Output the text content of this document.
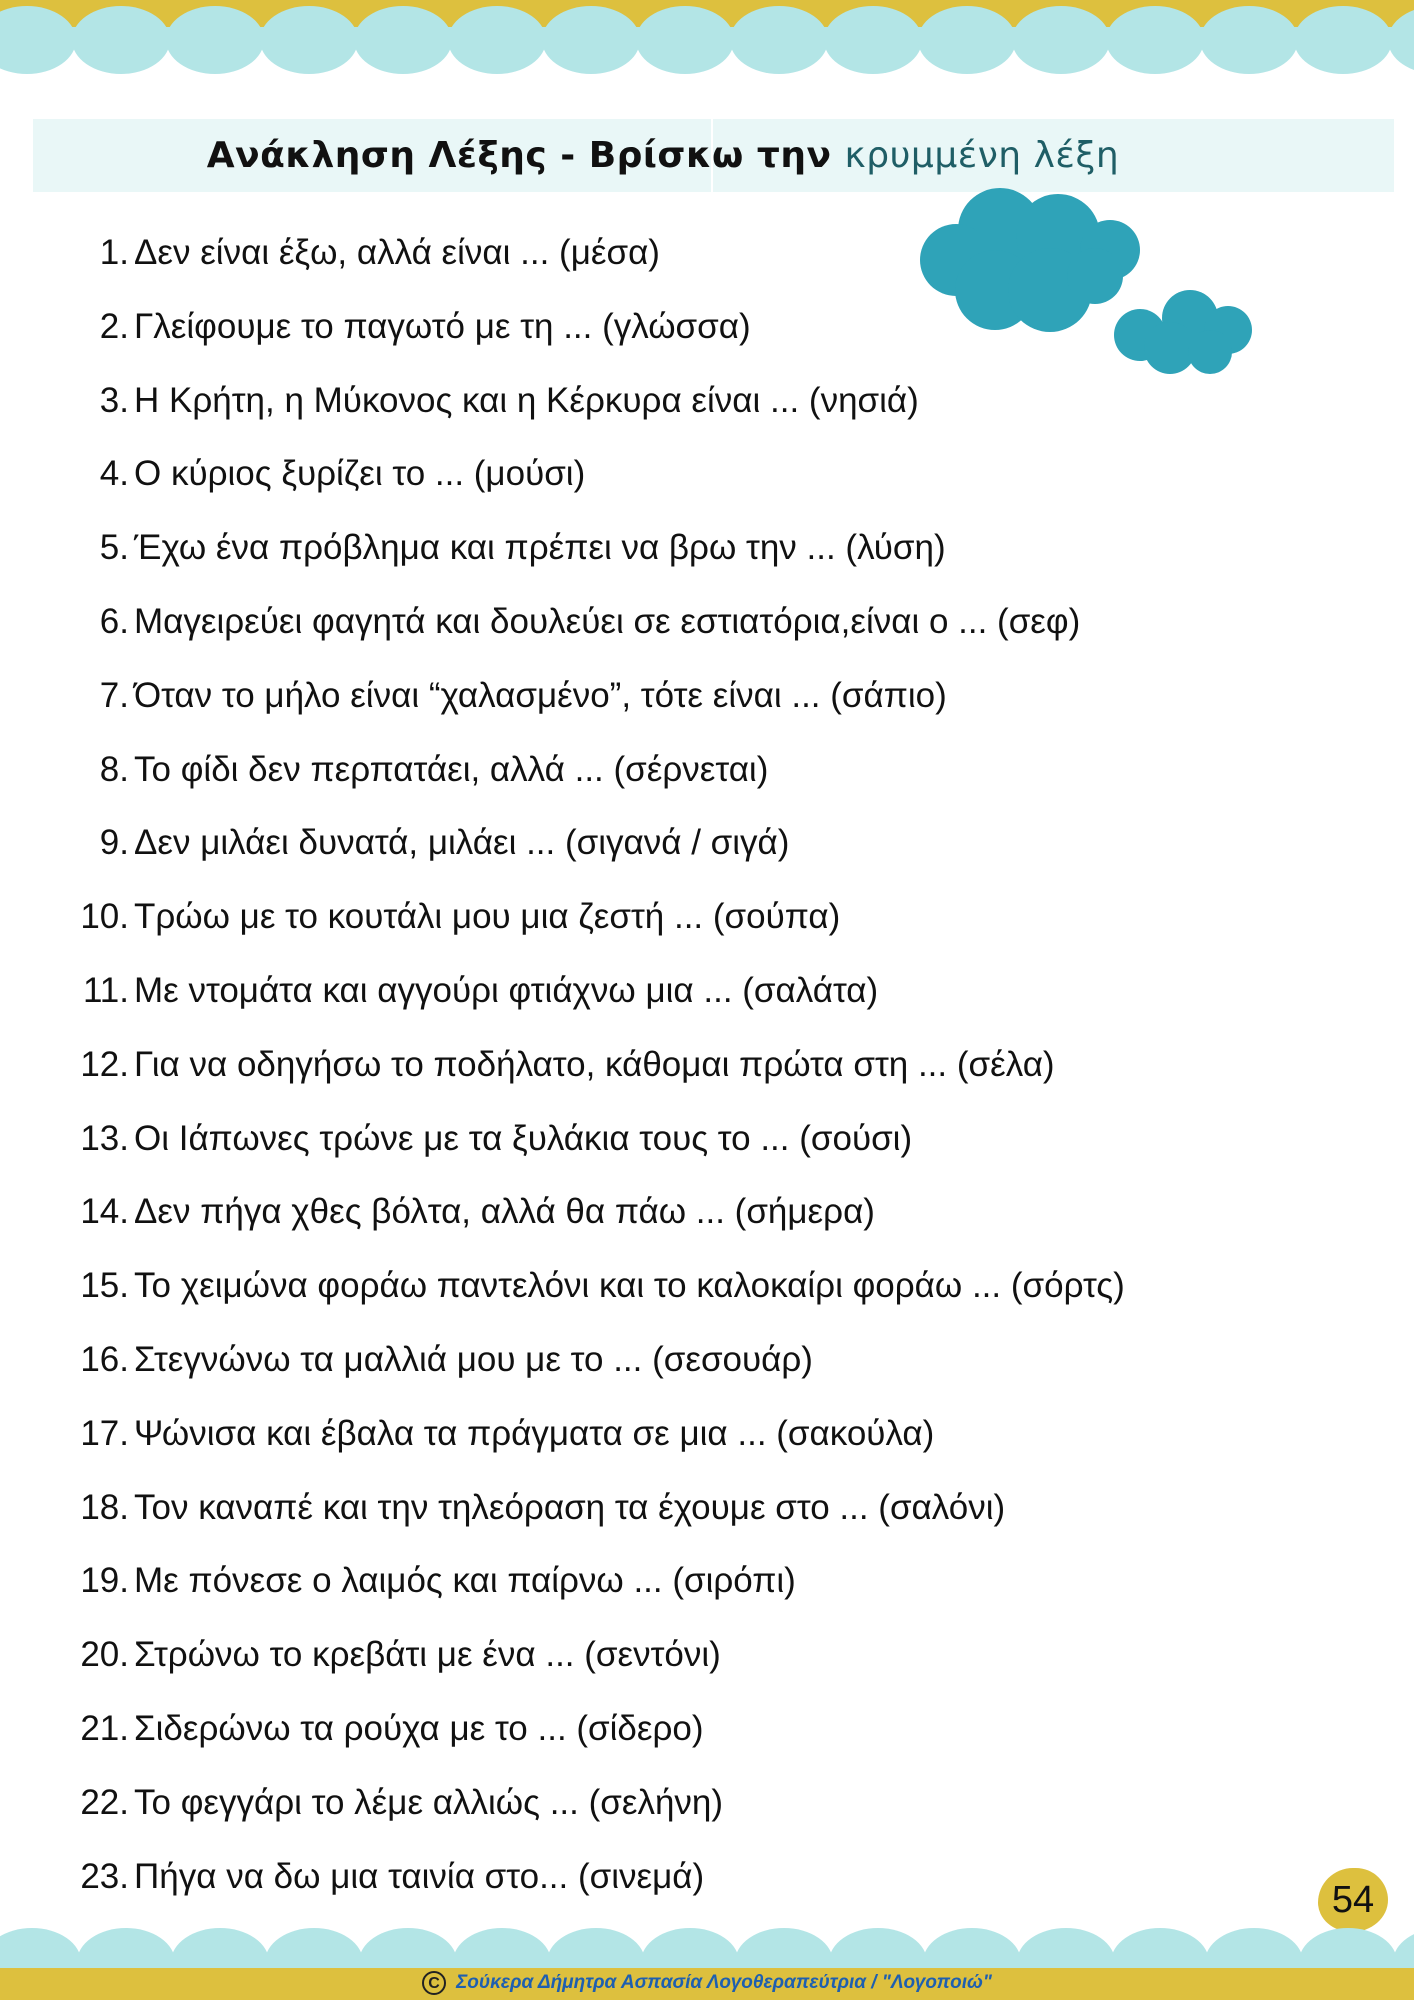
Ανάκληση Λέξης - Βρίσκω την κρυμμένη λέξη
1. Δεν είναι έξω, αλλά είναι ... (μέσα)
2. Γλείφουμε το παγωτό με τη ... (γλώσσα)
3. Η Κρήτη, η Μύκονος και η Κέρκυρα είναι ... (νησιά)
4. Ο κύριος ξυρίζει το ... (μούσι)
5. Έχω ένα πρόβλημα και πρέπει να βρω την ... (λύση)
6. Μαγειρεύει φαγητά και δουλεύει σε εστιατόρια,είναι ο ... (σεφ)
7. Όταν το μήλο είναι “χαλασμένο”, τότε είναι ... (σάπιο)
8. Το φίδι δεν περπατάει, αλλά ... (σέρνεται)
9. Δεν μιλάει δυνατά, μιλάει ... (σιγανά / σιγά)
10. Τρώω με το κουτάλι μου μια ζεστή ... (σούπα)
11. Με ντομάτα και αγγούρι φτιάχνω μια ... (σαλάτα)
12. Για να οδηγήσω το ποδήλατο, κάθομαι πρώτα στη ... (σέλα)
13. Οι Ιάπωνες τρώνε με τα ξυλάκια τους το ... (σούσι)
14. Δεν πήγα χθες βόλτα, αλλά θα πάω ... (σήμερα)
15. Το χειμώνα φοράω παντελόνι και το καλοκαίρι φοράω ... (σόρτς)
16. Στεγνώνω τα μαλλιά μου με το ... (σεσουάρ)
17. Ψώνισα και έβαλα τα πράγματα σε μια ... (σακούλα)
18. Τον καναπέ και την τηλεόραση τα έχουμε στο ... (σαλόνι)
19. Με πόνεσε ο λαιμός και παίρνω ... (σιρόπι)
20. Στρώνω το κρεβάτι με ένα ... (σεντόνι)
21. Σιδερώνω τα ρούχα με το ... (σίδερο)
22. Το φεγγάρι το λέμε αλλιώς ... (σελήνη)
23. Πήγα να δω μια ταινία στο... (σινεμά)
54
C Σούκερα Δήμητρα Ασπασία Λογοθεραπεύτρια / "Λογοποιώ"
